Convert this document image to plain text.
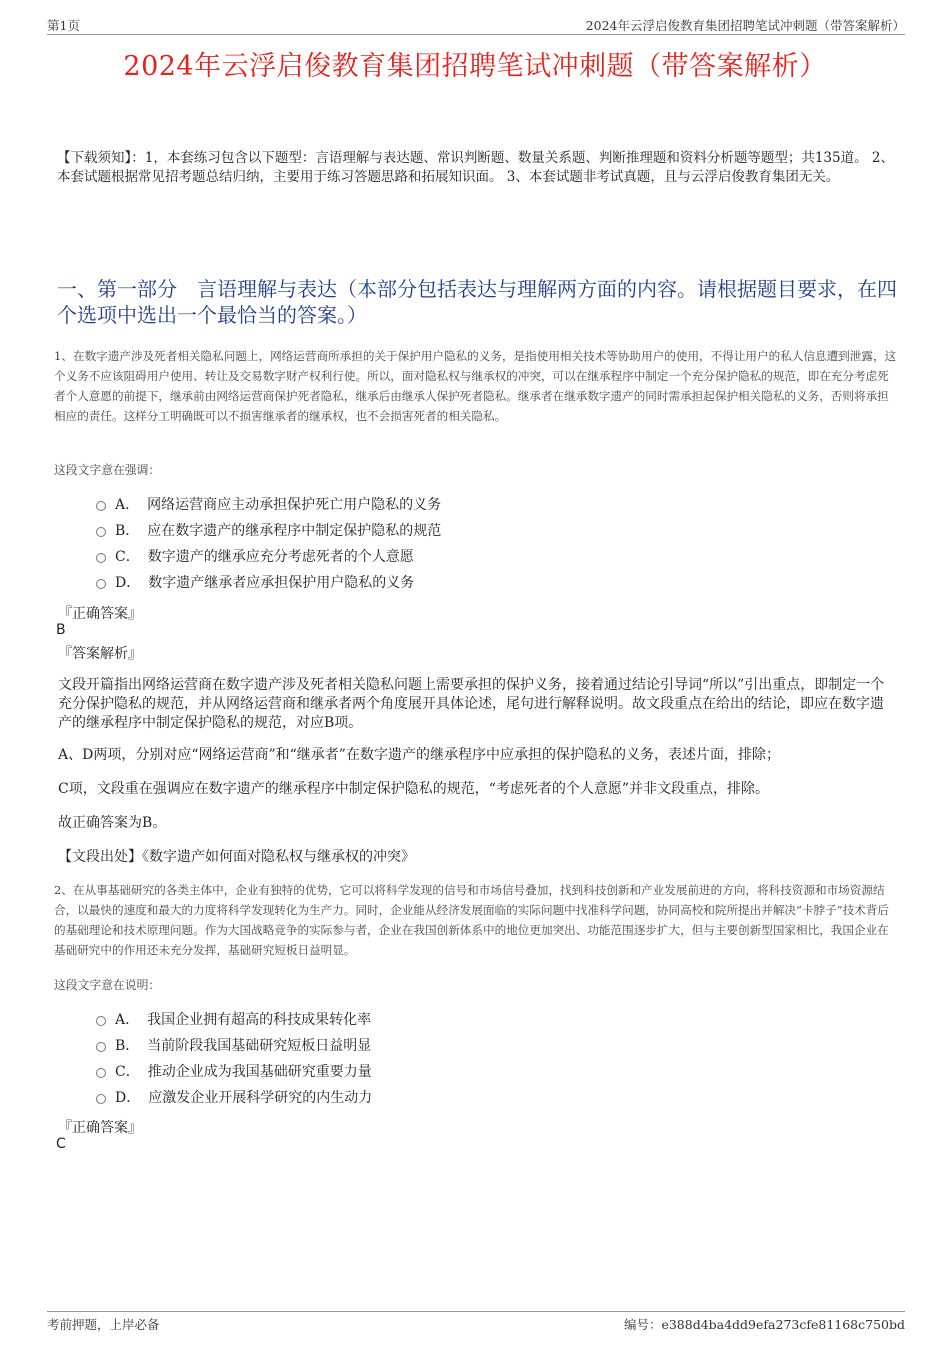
第1页	2024年云浮启俊教育集团招聘笔试冲刺题（带答案解析）
2024年云浮启俊教育集团招聘笔试冲刺题（带答案解析）
【下载须知】：1，本套练习包含以下题型：言语理解与表达题、常识判断题、数量关系题、判断推理题和资料分析题等题型；共135道。 2、本套试题根据常见招考题总结归纳，主要用于练习答题思路和拓展知识面。 3、本套试题非考试真题，且与云浮启俊教育集团无关。
一、第一部分　言语理解与表达（本部分包括表达与理解两方面的内容。请根据题目要求，在四个选项中选出一个最恰当的答案。）
1、在数字遗产涉及死者相关隐私问题上，网络运营商所承担的关于保护用户隐私的义务，是指使用相关技术等协助用户的使用，不得让用户的私人信息遭到泄露，这个义务不应该阻碍用户使用、转让及交易数字财产权利行使。所以，面对隐私权与继承权的冲突，可以在继承程序中制定一个充分保护隐私的规范，即在充分考虑死者个人意愿的前提下，继承前由网络运营商保护死者隐私，继承后由继承人保护死者隐私。继承者在继承数字遗产的同时需承担起保护相关隐私的义务，否则将承担相应的责任。这样分工明确既可以不损害继承者的继承权，也不会损害死者的相关隐私。
这段文字意在强调：
A． 网络运营商应主动承担保护死亡用户隐私的义务
B． 应在数字遗产的继承程序中制定保护隐私的规范
C． 数字遗产的继承应充分考虑死者的个人意愿
D． 数字遗产继承者应承担保护用户隐私的义务
『正确答案』
B
『答案解析』
文段开篇指出网络运营商在数字遗产涉及死者相关隐私问题上需要承担的保护义务，接着通过结论引导词“所以”引出重点，即制定一个充分保护隐私的规范，并从网络运营商和继承者两个角度展开具体论述，尾句进行解释说明。故文段重点在给出的结论，即应在数字遗产的继承程序中制定保护隐私的规范，对应B项。
A、D两项，分别对应“网络运营商”和“继承者”在数字遗产的继承程序中应承担的保护隐私的义务，表述片面，排除；
C项，文段重在强调应在数字遗产的继承程序中制定保护隐私的规范，“考虑死者的个人意愿”并非文段重点，排除。
故正确答案为B。
【文段出处】《数字遗产如何面对隐私权与继承权的冲突》
2、在从事基础研究的各类主体中，企业有独特的优势，它可以将科学发现的信号和市场信号叠加，找到科技创新和产业发展前进的方向，将科技资源和市场资源结合，以最快的速度和最大的力度将科学发现转化为生产力。同时，企业能从经济发展面临的实际问题中找准科学问题，协同高校和院所提出并解决“卡脖子”技术背后的基础理论和技术原理问题。作为大国战略竞争的实际参与者，企业在我国创新体系中的地位更加突出、功能范围逐步扩大，但与主要创新型国家相比，我国企业在基础研究中的作用还未充分发挥，基础研究短板日益明显。
这段文字意在说明：
A． 我国企业拥有超高的科技成果转化率
B． 当前阶段我国基础研究短板日益明显
C． 推动企业成为我国基础研究重要力量
D． 应激发企业开展科学研究的内生动力
『正确答案』
C
考前押题，上岸必备	编号：e388d4ba4dd9efa273cfe81168c750bd
